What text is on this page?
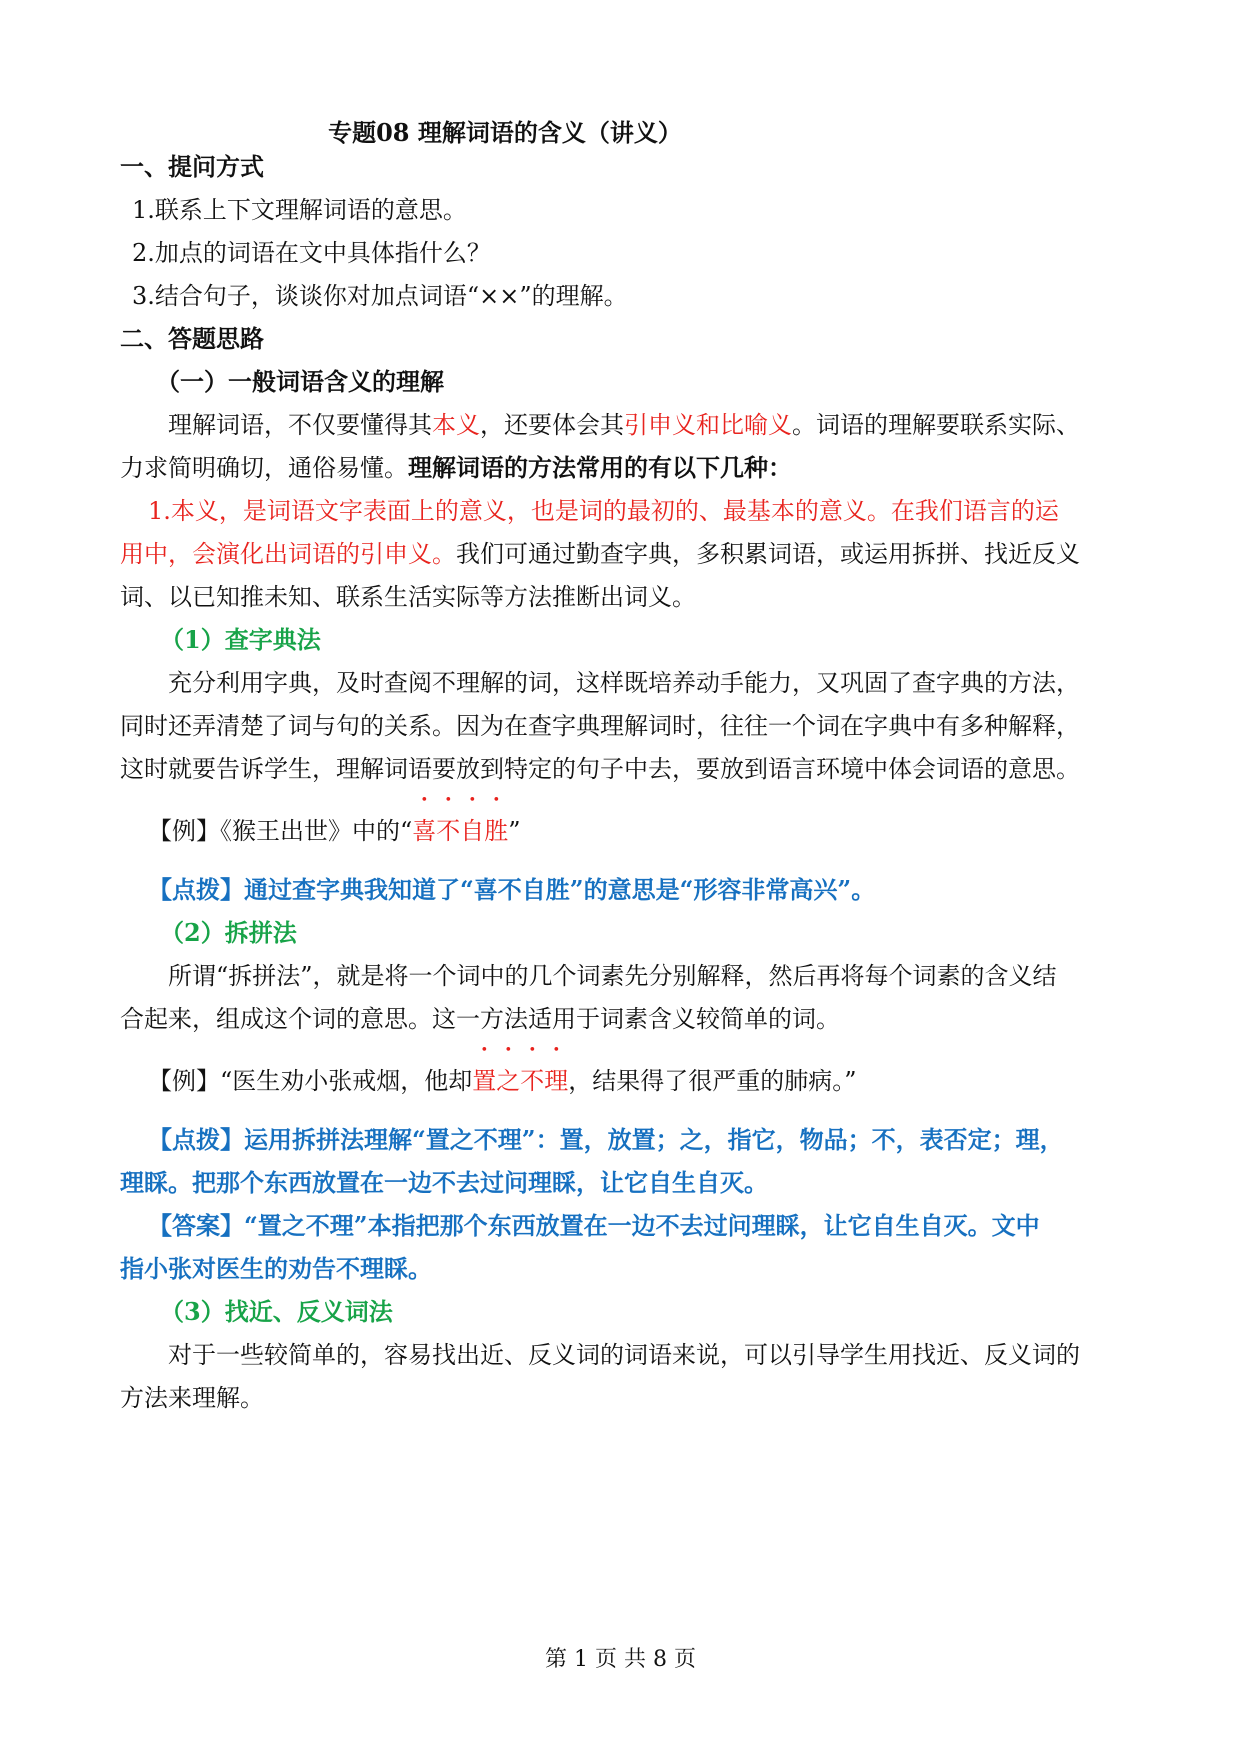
专题08 理解词语的含义（讲义）
一、提问方式
1.联系上下文理解词语的意思。
2.加点的词语在文中具体指什么？
3.结合句子，谈谈你对加点词语“××”的理解。
二、答题思路
（一）一般词语含义的理解
理解词语，不仅要懂得其本义，还要体会其引申义和比喻义。词语的理解要联系实际、
力求简明确切，通俗易懂。理解词语的方法常用的有以下几种：
1.本义，是词语文字表面上的意义，也是词的最初的、最基本的意义。在我们语言的运
用中，会演化出词语的引申义。我们可通过勤查字典，多积累词语，或运用拆拼、找近反义
词、以已知推未知、联系生活实际等方法推断出词义。
（1）查字典法
充分利用字典，及时查阅不理解的词，这样既培养动手能力，又巩固了查字典的方法，
同时还弄清楚了词与句的关系。因为在查字典理解词时，往往一个词在字典中有多种解释，
这时就要告诉学生，理解词语要放到特定的句子中去，要放到语言环境中体会词语的意思。
【例】《猴王出世》中的“喜不自胜”
【点拨】通过查字典我知道了“喜不自胜”的意思是“形容非常高兴”。
（2）拆拼法
所谓“拆拼法”，就是将一个词中的几个词素先分别解释，然后再将每个词素的含义结
合起来，组成这个词的意思。这一方法适用于词素含义较简单的词。
【例】“医生劝小张戒烟，他却置之不理，结果得了很严重的肺病。”
【点拨】运用拆拼法理解“置之不理”：置，放置；之，指它，物品；不，表否定；理，
理睬。把那个东西放置在一边不去过问理睬，让它自生自灭。
【答案】“置之不理”本指把那个东西放置在一边不去过问理睬，让它自生自灭。文中
指小张对医生的劝告不理睬。
（3）找近、反义词法
对于一些较简单的，容易找出近、反义词的词语来说，可以引导学生用找近、反义词的
方法来理解。
第 1 页 共 8 页
